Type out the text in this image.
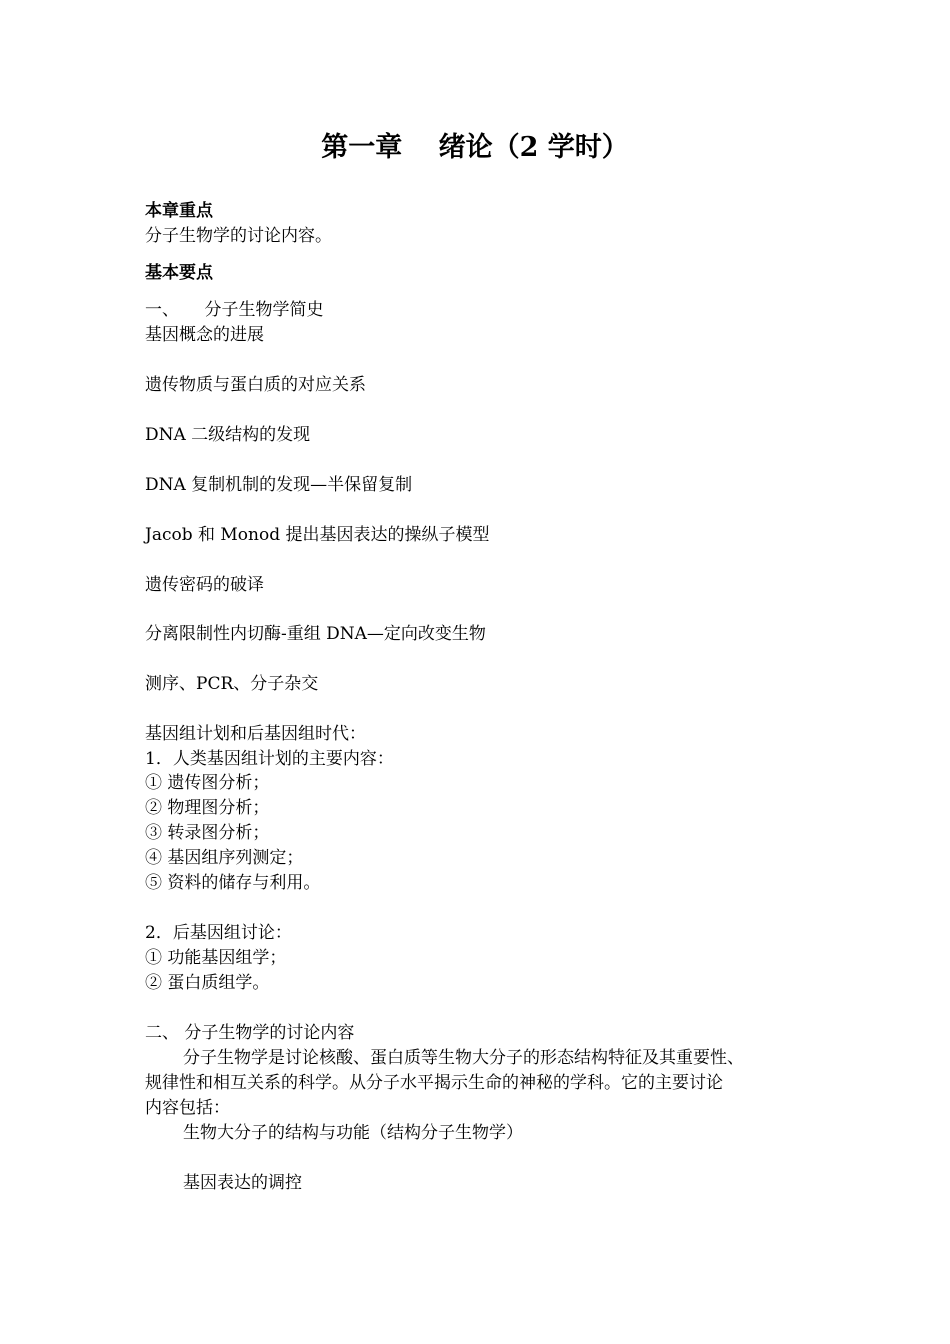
第一章　 绪论（2 学时）
本章重点
分子生物学的讨论内容。
基本要点
一、　　分子生物学简史
基因概念的进展
遗传物质与蛋白质的对应关系
DNA 二级结构的发现
DNA 复制机制的发现—半保留复制
Jacob 和 Monod 提出基因表达的操纵子模型
遗传密码的破译
分离限制性内切酶-重组 DNA—定向改变生物
测序、PCR、分子杂交
基因组计划和后基因组时代：
1．人类基因组计划的主要内容：
① 遗传图分析；
② 物理图分析；
③ 转录图分析；
④ 基因组序列测定；
⑤ 资料的储存与利用。
2．后基因组讨论：
① 功能基因组学；
② 蛋白质组学。
二、 分子生物学的讨论内容
分子生物学是讨论核酸、蛋白质等生物大分子的形态结构特征及其重要性、
规律性和相互关系的科学。从分子水平揭示生命的神秘的学科。它的主要讨论
内容包括：
生物大分子的结构与功能（结构分子生物学）
基因表达的调控
